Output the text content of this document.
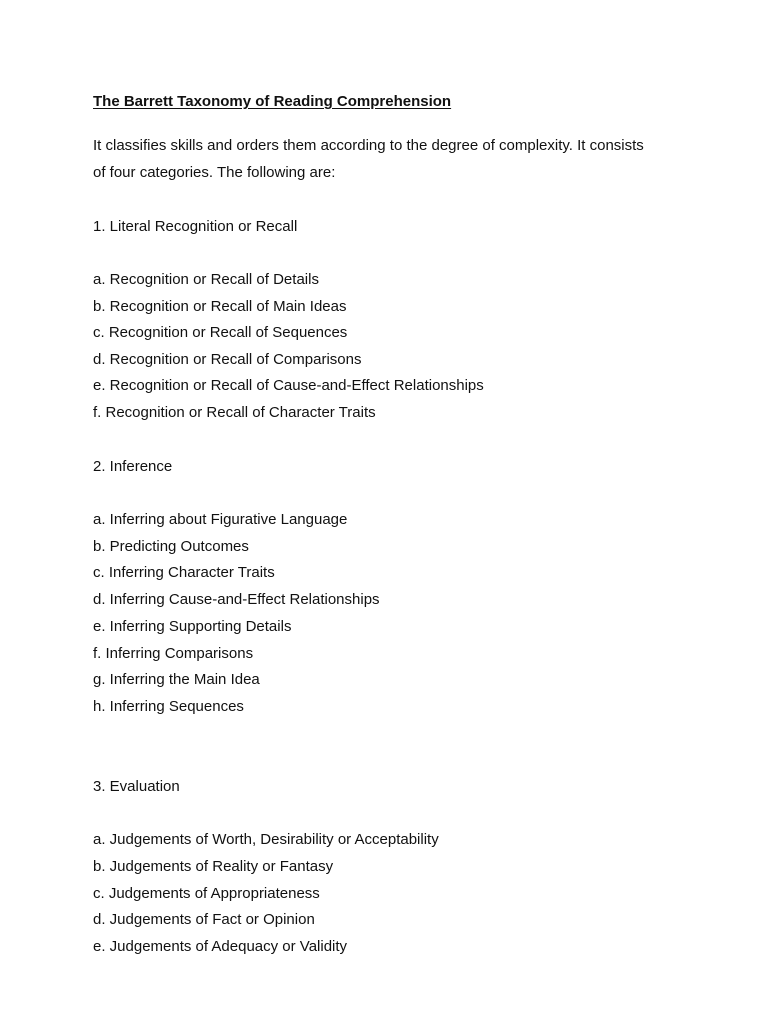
The Barrett Taxonomy of Reading Comprehension
It classifies skills and orders them according to the degree of complexity. It consists
of four categories. The following are:
1. Literal Recognition or Recall
a. Recognition or Recall of Details
b. Recognition or Recall of Main Ideas
c. Recognition or Recall of Sequences
d. Recognition or Recall of Comparisons
e. Recognition or Recall of Cause-and-Effect Relationships
f. Recognition or Recall of Character Traits
2. Inference
a. Inferring about Figurative Language
b. Predicting Outcomes
c. Inferring Character Traits
d. Inferring Cause-and-Effect Relationships
e. Inferring Supporting Details
f. Inferring Comparisons
g. Inferring the Main Idea
h. Inferring Sequences
3. Evaluation
a. Judgements of Worth, Desirability or Acceptability
b. Judgements of Reality or Fantasy
c. Judgements of Appropriateness
d. Judgements of Fact or Opinion
e. Judgements of Adequacy or Validity
